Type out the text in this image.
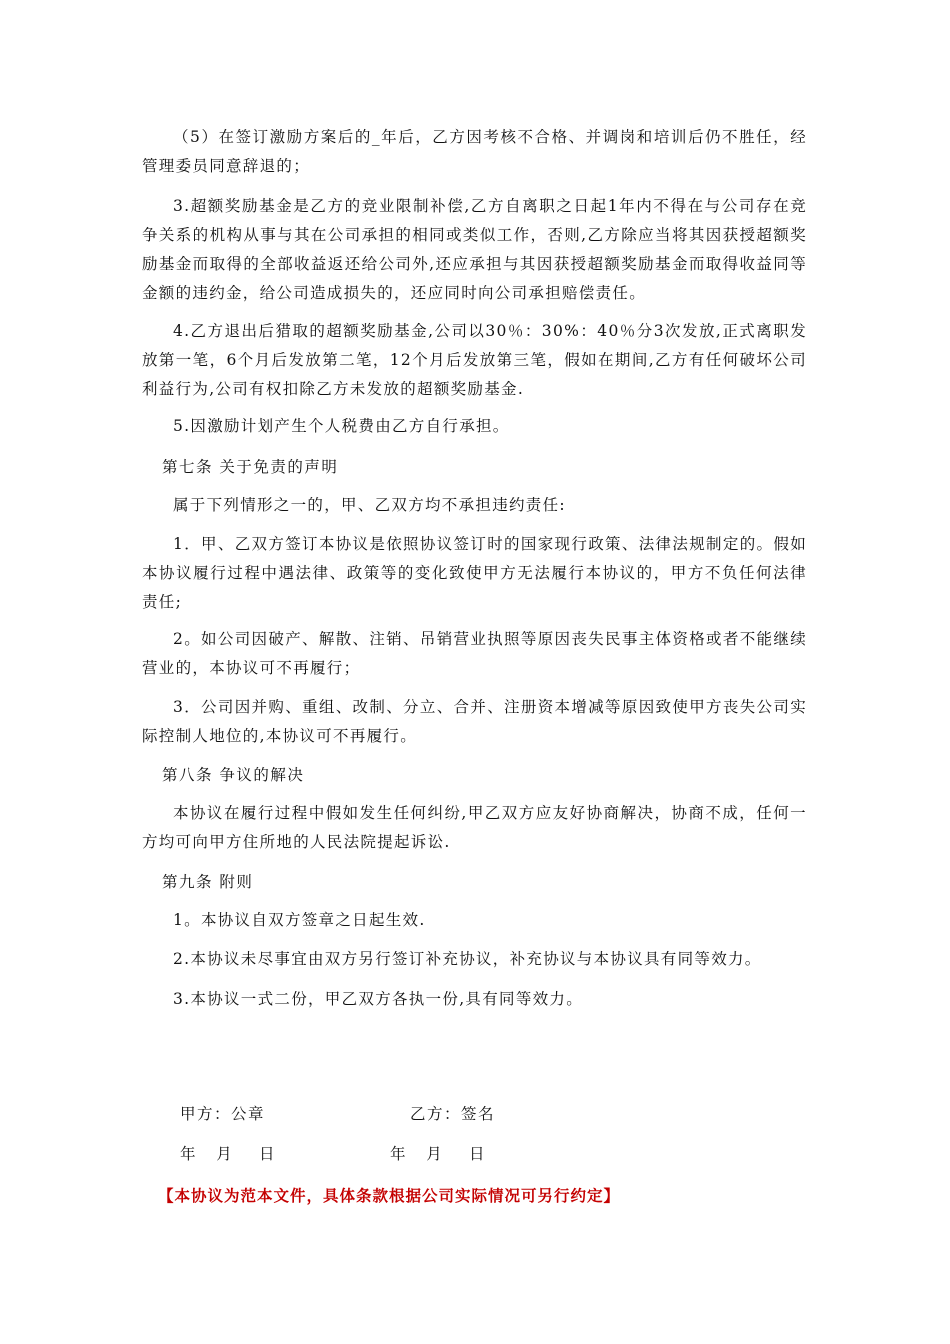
（5）在签订激励方案后的_年后，乙方因考核不合格、并调岗和培训后仍不胜任，经管理委员同意辞退的；

3.超额奖励基金是乙方的竞业限制补偿,乙方自离职之日起1年内不得在与公司存在竞争关系的机构从事与其在公司承担的相同或类似工作，否则,乙方除应当将其因获授超额奖励基金而取得的全部收益返还给公司外,还应承担与其因获授超额奖励基金而取得收益同等金额的违约金，给公司造成损失的，还应同时向公司承担赔偿责任。

4.乙方退出后猎取的超额奖励基金,公司以30％：30%：40％分3次发放,正式离职发放第一笔，6个月后发放第二笔，12个月后发放第三笔，假如在期间,乙方有任何破坏公司利益行为,公司有权扣除乙方未发放的超额奖励基金.

5.因激励计划产生个人税费由乙方自行承担。

第七条 关于免责的声明

属于下列情形之一的，甲、乙双方均不承担违约责任:

1．甲、乙双方签订本协议是依照协议签订时的国家现行政策、法律法规制定的。假如本协议履行过程中遇法律、政策等的变化致使甲方无法履行本协议的，甲方不负任何法律责任;

2。如公司因破产、解散、注销、吊销营业执照等原因丧失民事主体资格或者不能继续营业的，本协议可不再履行；

3．公司因并购、重组、改制、分立、合并、注册资本增减等原因致使甲方丧失公司实际控制人地位的,本协议可不再履行。

第八条 争议的解决

本协议在履行过程中假如发生任何纠纷,甲乙双方应友好协商解决，协商不成，任何一方均可向甲方住所地的人民法院提起诉讼.

第九条 附则

1。本协议自双方签章之日起生效.

2.本协议未尽事宜由双方另行签订补充协议，补充协议与本协议具有同等效力。

3.本协议一式二份，甲乙双方各执一份,具有同等效力。

甲方：公章	乙方：签名
年   月    日	年   月    日
【本协议为范本文件，具体条款根据公司实际情况可另行约定】
